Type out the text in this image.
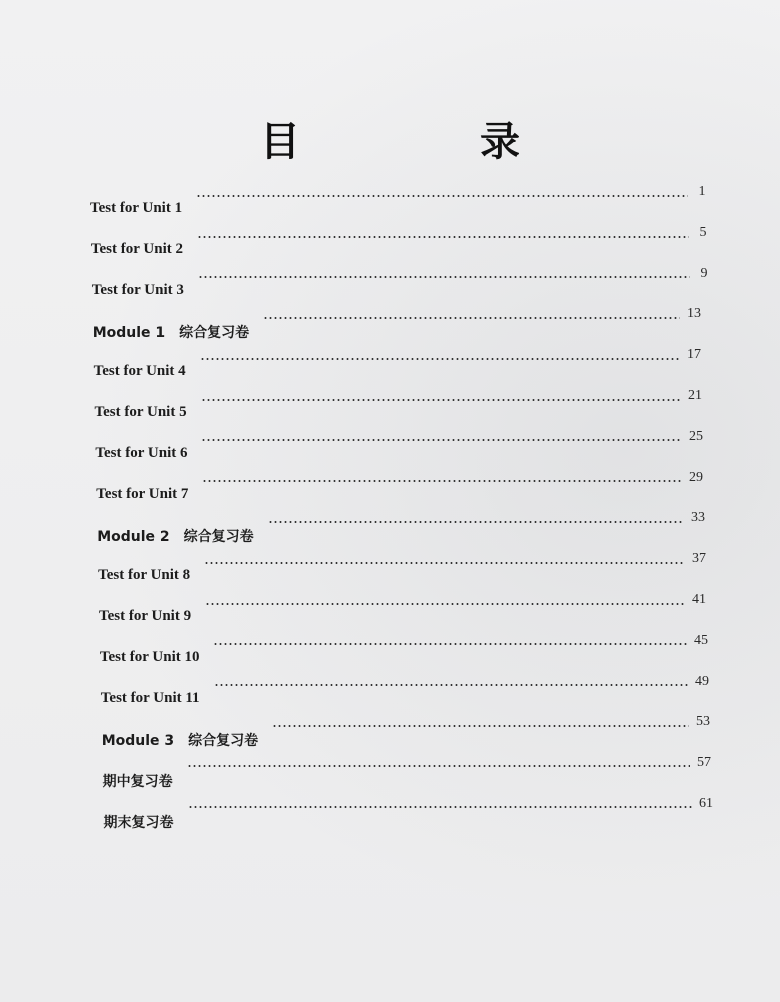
目　录
Test for Unit 1
1
Test for Unit 2
5
Test for Unit 3
9
Module 1　综合复习卷
13
Test for Unit 4
17
Test for Unit 5
21
Test for Unit 6
25
Test for Unit 7
29
Module 2　综合复习卷
33
Test for Unit 8
37
Test for Unit 9
41
Test for Unit 10
45
Test for Unit 11
49
Module 3　综合复习卷
53
期中复习卷
57
期末复习卷
61
